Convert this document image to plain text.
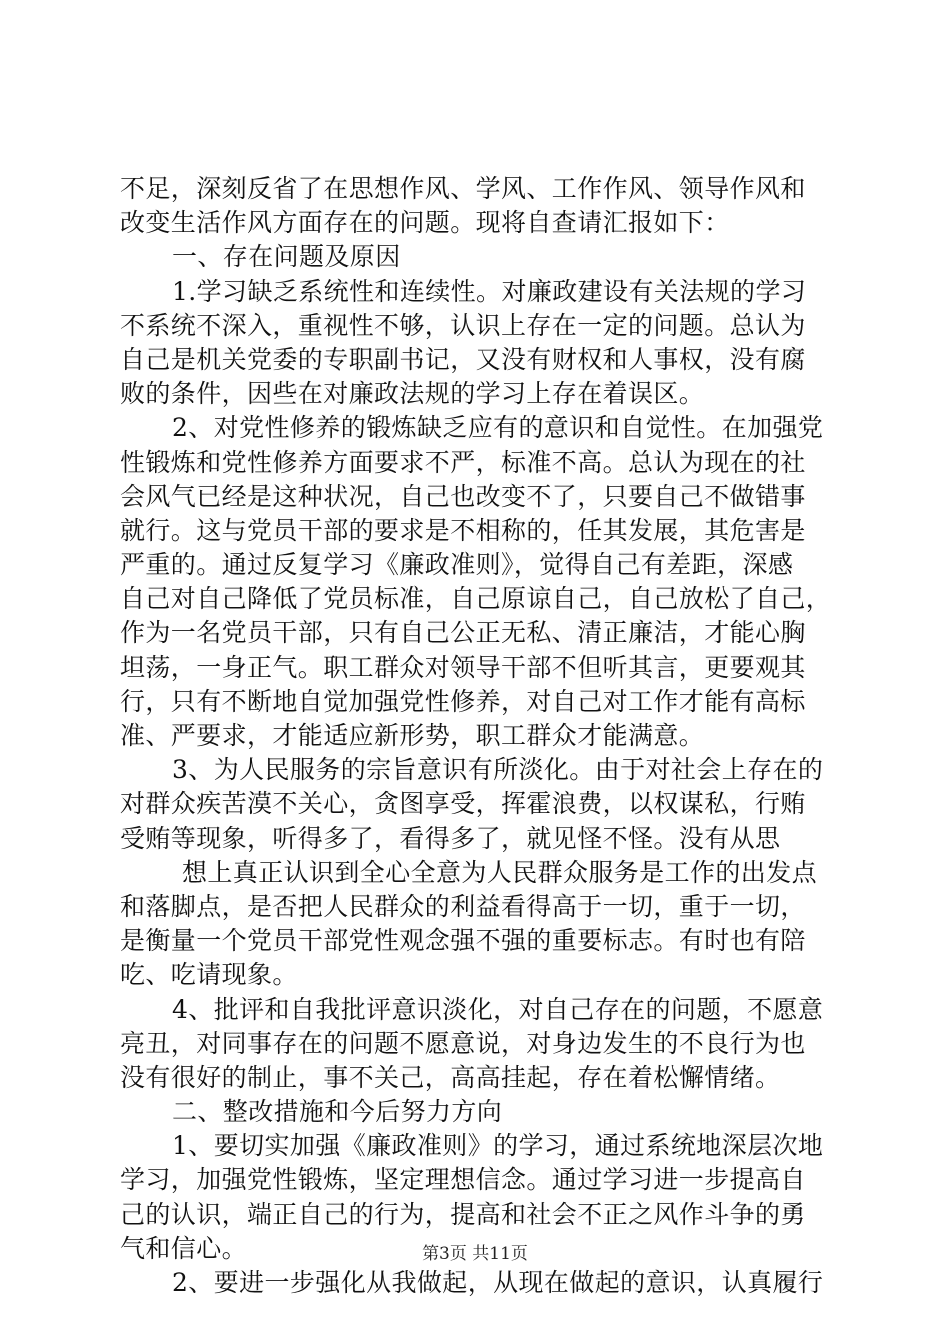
不足，深刻反省了在思想作风、学风、工作作风、领导作风和
改变生活作风方面存在的问题。现将自查请汇报如下：
一、存在问题及原因
1.学习缺乏系统性和连续性。对廉政建设有关法规的学习
不系统不深入，重视性不够，认识上存在一定的问题。总认为
自己是机关党委的专职副书记，又没有财权和人事权，没有腐
败的条件，因些在对廉政法规的学习上存在着误区。
2、对党性修养的锻炼缺乏应有的意识和自觉性。在加强党
性锻炼和党性修养方面要求不严，标准不高。总认为现在的社
会风气已经是这种状况，自己也改变不了，只要自己不做错事
就行。这与党员干部的要求是不相称的，任其发展，其危害是
严重的。通过反复学习《廉政准则》，觉得自己有差距，深感
自己对自己降低了党员标准，自己原谅自己，自己放松了自己，
作为一名党员干部，只有自己公正无私、清正廉洁，才能心胸
坦荡，一身正气。职工群众对领导干部不但听其言，更要观其
行，只有不断地自觉加强党性修养，对自己对工作才能有高标
准、严要求，才能适应新形势，职工群众才能满意。
3、为人民服务的宗旨意识有所淡化。由于对社会上存在的
对群众疾苦漠不关心，贪图享受，挥霍浪费，以权谋私，行贿
受贿等现象，听得多了，看得多了，就见怪不怪。没有从思
想上真正认识到全心全意为人民群众服务是工作的出发点
和落脚点，是否把人民群众的利益看得高于一切，重于一切，
是衡量一个党员干部党性观念强不强的重要标志。有时也有陪
吃、吃请现象。
4、批评和自我批评意识淡化，对自己存在的问题，不愿意
亮丑，对同事存在的问题不愿意说，对身边发生的不良行为也
没有很好的制止，事不关己，高高挂起，存在着松懈情绪。
二、整改措施和今后努力方向
1、要切实加强《廉政准则》的学习，通过系统地深层次地
学习，加强党性锻炼，坚定理想信念。通过学习进一步提高自
己的认识，端正自己的行为，提高和社会不正之风作斗争的勇
气和信心。
2、要进一步强化从我做起，从现在做起的意识，认真履行
第3页 共11页
